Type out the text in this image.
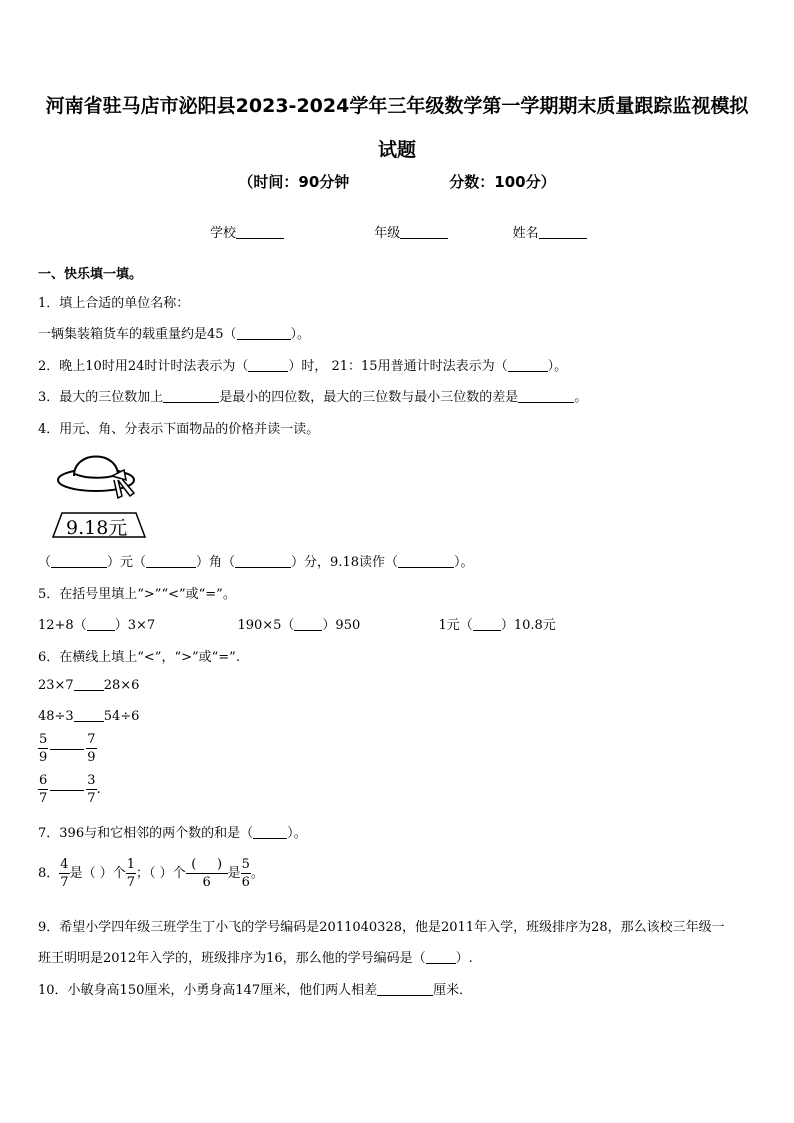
河南省驻马店市泌阳县2023-2024学年三年级数学第一学期期末质量跟踪监视模拟试题
（时间：90分钟	分数：100分）
学校	年级	姓名
一、快乐填一填。
1．填上合适的单位名称：
一辆集装箱货车的载重量约是45（	）。
2．晚上10时用24时计时法表示为（	）时， 21：15用普通计时法表示为（	）。
3．最大的三位数加上	是最小的四位数，最大的三位数与最小三位数的差是	。
4．用元、角、分表示下面物品的价格并读一读。
9.18元
（	）元（	）角（	）分，9.18读作（	）。
5．在括号里填上“>”“<”或“=”。
12+8（ ）3×7	190×5（ ）950	1元（ ）10.8元
6．在横线上填上“<”，“>”或“=”.
23×7 28×6
48÷3 54÷6
$\frac{5}{9}$	$\frac{7}{9}$
$\frac{6}{7}$	$\frac{3}{7}$ .
7．396与和它相邻的两个数的和是（	）。
8． $\frac{4}{7}$ 是（ ）个 $\frac{1}{7}$ ；（ ）个 $\frac{( )}{6}$ 是 $\frac{5}{6}$ 。
9．希望小学四年级三班学生丁小飞的学号编码是2011040328，他是2011年入学，班级排序为28，那么该校三年级一
班王明明是2012年入学的，班级排序为16，那么他的学号编码是（ ）.
10．小敏身高150厘米，小勇身高147厘米，他们两人相差	厘米．
